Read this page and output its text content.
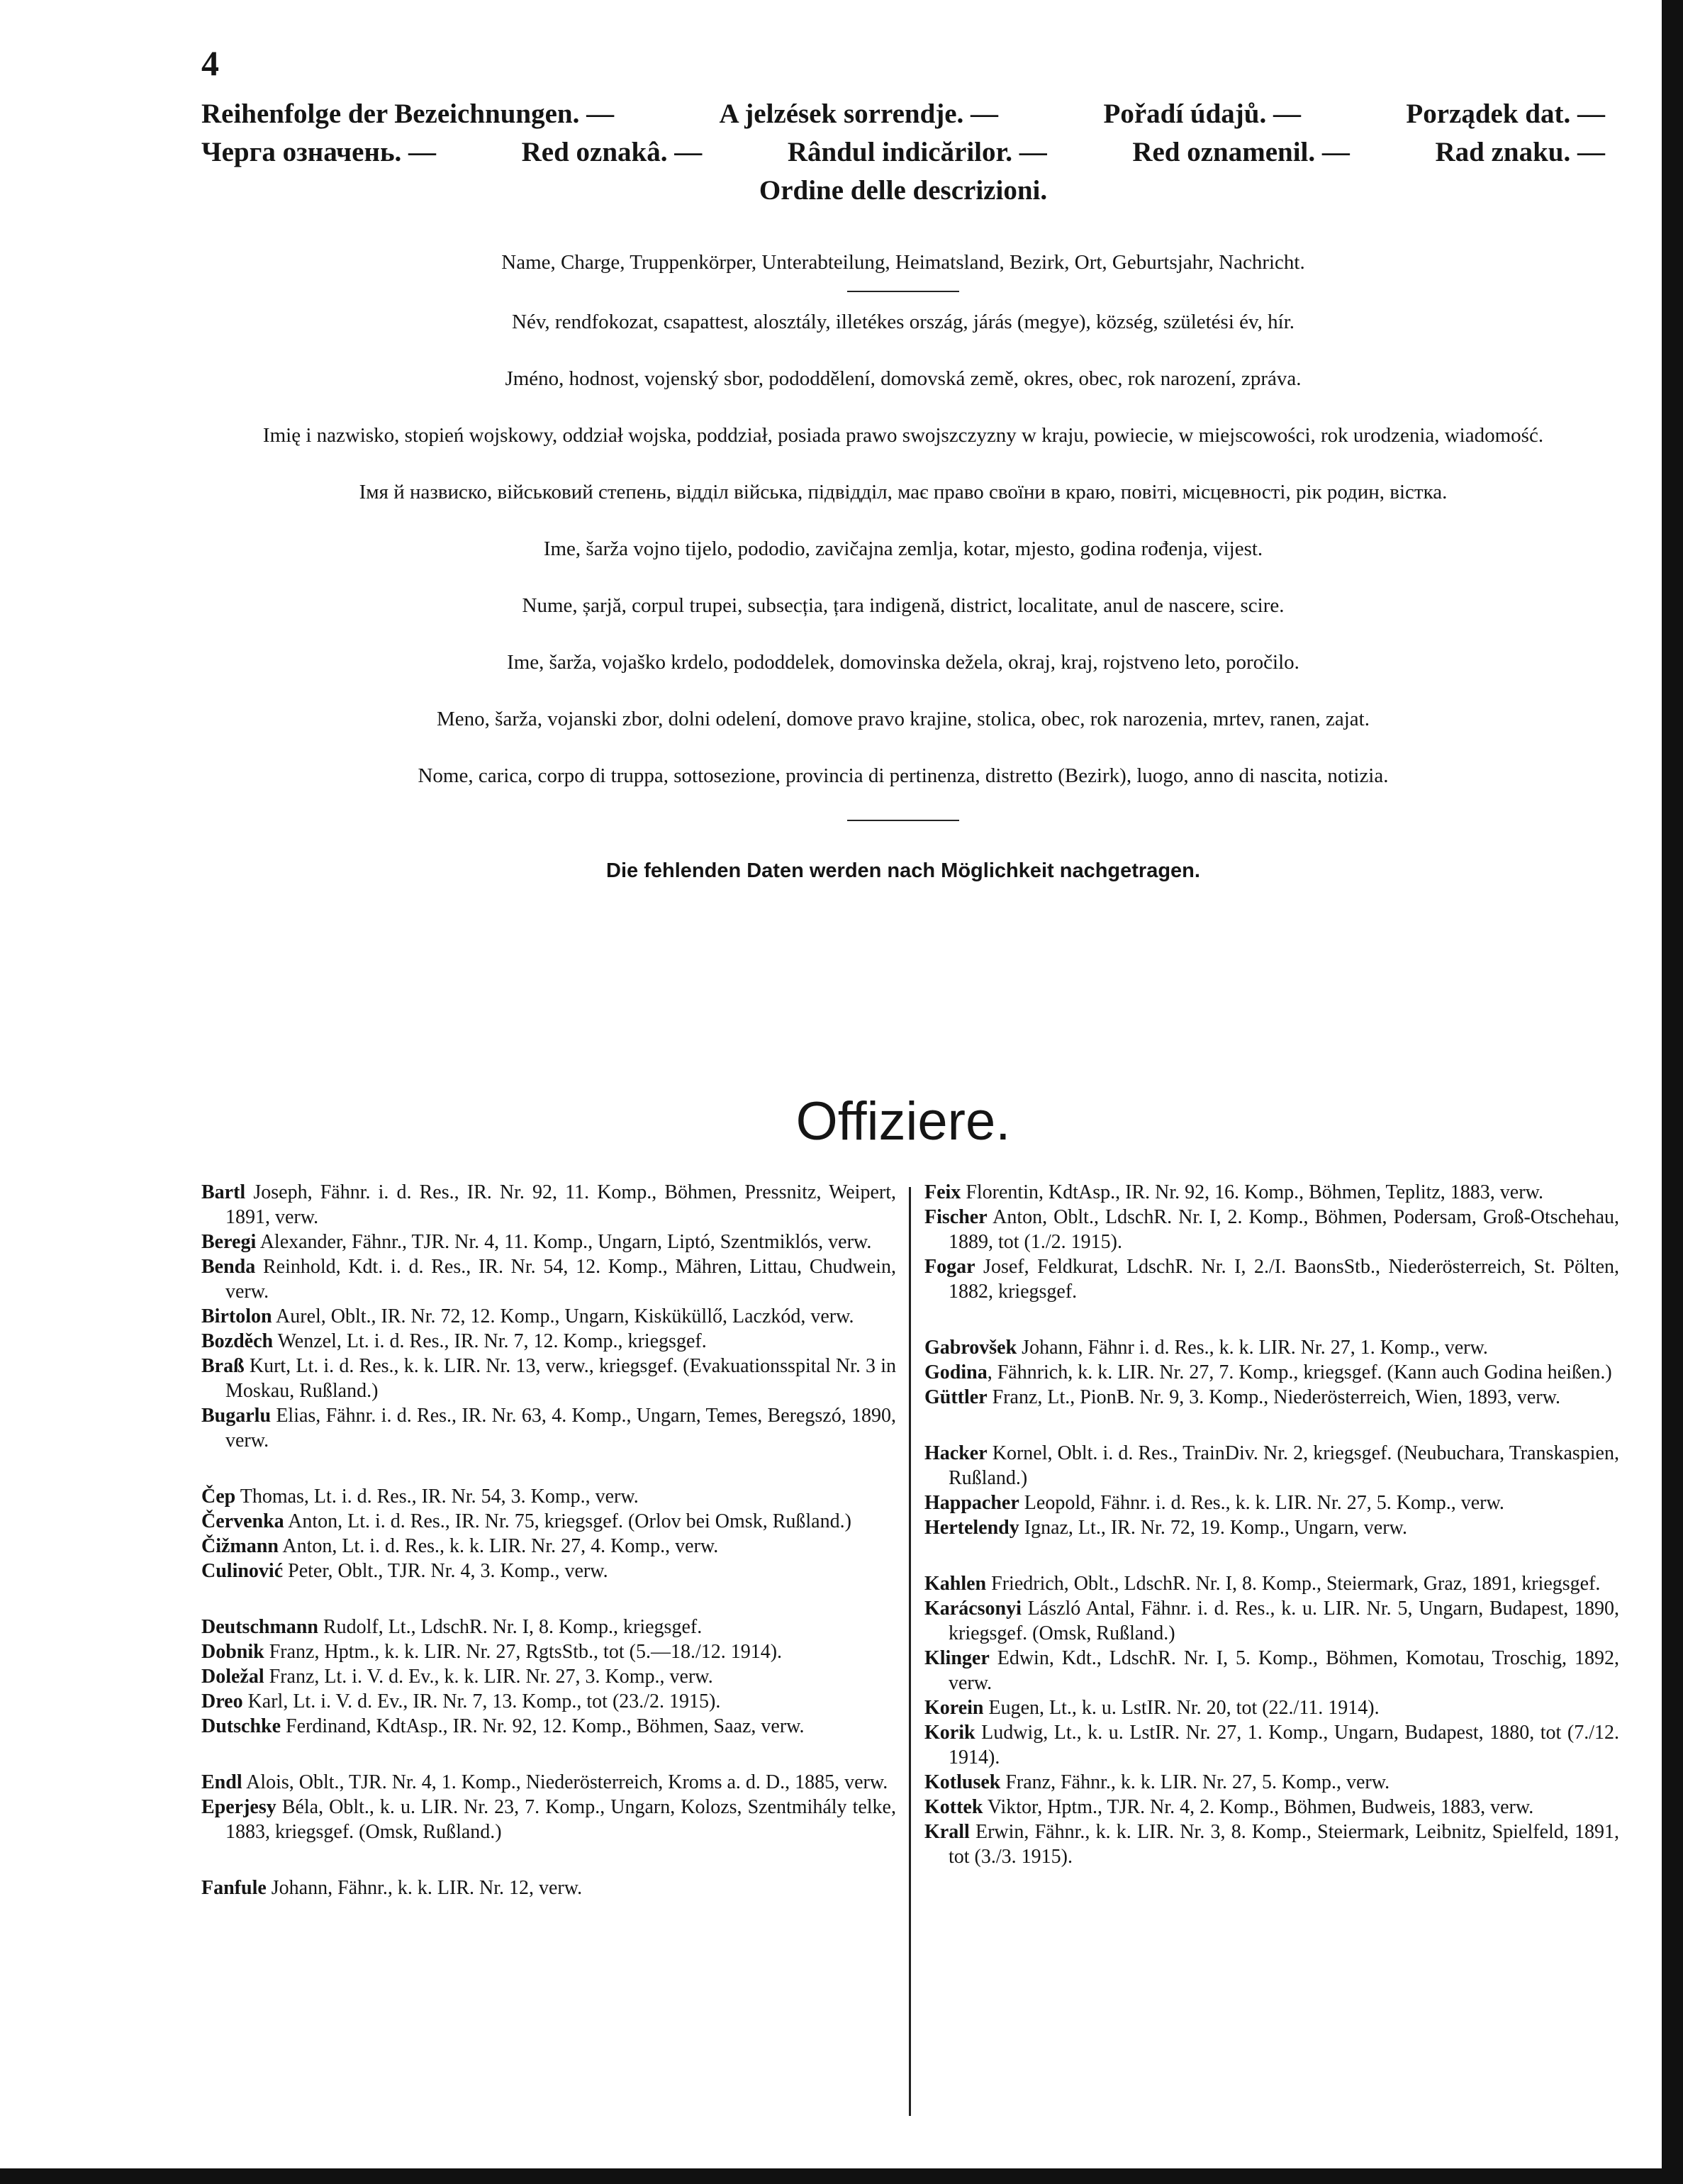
4
Reihenfolge der Bezeichnungen. —	A jelzések sorrendje. —	Pořadí údajů. —	Porządek dat. —
Черга означень. —	Red oznakâ. —	Rândul indicărilor. —	Red oznamenil. —	Rad znaku. —
Ordine delle descrizioni.
Name, Charge, Truppenkörper, Unterabteilung, Heimatsland, Bezirk, Ort, Geburtsjahr, Nachricht.
Név, rendfokozat, csapattest, alosztály, illetékes ország, járás (megye), község, születési év, hír.
Jméno, hodnost, vojenský sbor, pododdělení, domovská země, okres, obec, rok narození, zpráva.
Imię i nazwisko, stopień wojskowy, oddział wojska, poddział, posiada prawo swojszczyzny w kraju, powiecie, w miejscowości, rok urodzenia, wiadomość.
Імя й назвиско, військовий степень, відділ війська, підвідділ, має право своїни в краю, повіті, місцевності, рік родин, вістка.
Ime, šarža vojno tijelo, pododio, zavičajna zemlja, kotar, mjesto, godina rođenja, vijest.
Nume, șarjă, corpul trupei, subsecția, țara indigenă, district, localitate, anul de nascere, scire.
Ime, šarža, vojaško krdelo, pododdelek, domovinska dežela, okraj, kraj, rojstveno leto, poročilo.
Meno, šarža, vojanski zbor, dolni odelení, domove pravo krajine, stolica, obec, rok narozenia, mrtev, ranen, zajat.
Nome, carica, corpo di truppa, sottosezione, provincia di pertinenza, distretto (Bezirk), luogo, anno di nascita, notizia.
Die fehlenden Daten werden nach Möglichkeit nachgetragen.
Offiziere.
Bartl Joseph, Fähnr. i. d. Res., IR. Nr. 92, 11. Komp., Böhmen, Pressnitz, Weipert, 1891, verw.
Beregi Alexander, Fähnr., TJR. Nr. 4, 11. Komp., Ungarn, Liptó, Szentmiklós, verw.
Benda Reinhold, Kdt. i. d. Res., IR. Nr. 54, 12. Komp., Mähren, Littau, Chudwein, verw.
Birtolon Aurel, Oblt., IR. Nr. 72, 12. Komp., Ungarn, Kisküküllő, Laczkód, verw.
Bozděch Wenzel, Lt. i. d. Res., IR. Nr. 7, 12. Komp., kriegsgef.
Braß Kurt, Lt. i. d. Res., k. k. LIR. Nr. 13, verw., kriegsgef. (Evakuationsspital Nr. 3 in Moskau, Rußland.)
Bugarlu Elias, Fähnr. i. d. Res., IR. Nr. 63, 4. Komp., Ungarn, Temes, Beregszó, 1890, verw.
Čep Thomas, Lt. i. d. Res., IR. Nr. 54, 3. Komp., verw.
Červenka Anton, Lt. i. d. Res., IR. Nr. 75, kriegsgef. (Orlov bei Omsk, Rußland.)
Čižmann Anton, Lt. i. d. Res., k. k. LIR. Nr. 27, 4. Komp., verw.
Culinović Peter, Oblt., TJR. Nr. 4, 3. Komp., verw.
Deutschmann Rudolf, Lt., LdschR. Nr. I, 8. Komp., kriegsgef.
Dobnik Franz, Hptm., k. k. LIR. Nr. 27, RgtsStb., tot (5.—18./12. 1914).
Doležal Franz, Lt. i. V. d. Ev., k. k. LIR. Nr. 27, 3. Komp., verw.
Dreo Karl, Lt. i. V. d. Ev., IR. Nr. 7, 13. Komp., tot (23./2. 1915).
Dutschke Ferdinand, KdtAsp., IR. Nr. 92, 12. Komp., Böhmen, Saaz, verw.
Endl Alois, Oblt., TJR. Nr. 4, 1. Komp., Niederösterreich, Kroms a. d. D., 1885, verw.
Eperjesy Béla, Oblt., k. u. LIR. Nr. 23, 7. Komp., Ungarn, Kolozs, Szentmihály telke, 1883, kriegsgef. (Omsk, Rußland.)
Fanfule Johann, Fähnr., k. k. LIR. Nr. 12, verw.
Feix Florentin, KdtAsp., IR. Nr. 92, 16. Komp., Böhmen, Teplitz, 1883, verw.
Fischer Anton, Oblt., LdschR. Nr. I, 2. Komp., Böhmen, Podersam, Groß-Otschehau, 1889, tot (1./2. 1915).
Fogar Josef, Feldkurat, LdschR. Nr. I, 2./I. BaonsStb., Niederösterreich, St. Pölten, 1882, kriegsgef.
Gabrovšek Johann, Fähnr i. d. Res., k. k. LIR. Nr. 27, 1. Komp., verw.
Godina, Fähnrich, k. k. LIR. Nr. 27, 7. Komp., kriegsgef. (Kann auch Godina heißen.)
Güttler Franz, Lt., PionB. Nr. 9, 3. Komp., Niederösterreich, Wien, 1893, verw.
Hacker Kornel, Oblt. i. d. Res., TrainDiv. Nr. 2, kriegsgef. (Neubuchara, Transkaspien, Rußland.)
Happacher Leopold, Fähnr. i. d. Res., k. k. LIR. Nr. 27, 5. Komp., verw.
Hertelendy Ignaz, Lt., IR. Nr. 72, 19. Komp., Ungarn, verw.
Kahlen Friedrich, Oblt., LdschR. Nr. I, 8. Komp., Steiermark, Graz, 1891, kriegsgef.
Karácsonyi László Antal, Fähnr. i. d. Res., k. u. LIR. Nr. 5, Ungarn, Budapest, 1890, kriegsgef. (Omsk, Rußland.)
Klinger Edwin, Kdt., LdschR. Nr. I, 5. Komp., Böhmen, Komotau, Troschig, 1892, verw.
Korein Eugen, Lt., k. u. LstIR. Nr. 20, tot (22./11. 1914).
Korik Ludwig, Lt., k. u. LstIR. Nr. 27, 1. Komp., Ungarn, Budapest, 1880, tot (7./12. 1914).
Kotlusek Franz, Fähnr., k. k. LIR. Nr. 27, 5. Komp., verw.
Kottek Viktor, Hptm., TJR. Nr. 4, 2. Komp., Böhmen, Budweis, 1883, verw.
Krall Erwin, Fähnr., k. k. LIR. Nr. 3, 8. Komp., Steiermark, Leibnitz, Spielfeld, 1891, tot (3./3. 1915).
